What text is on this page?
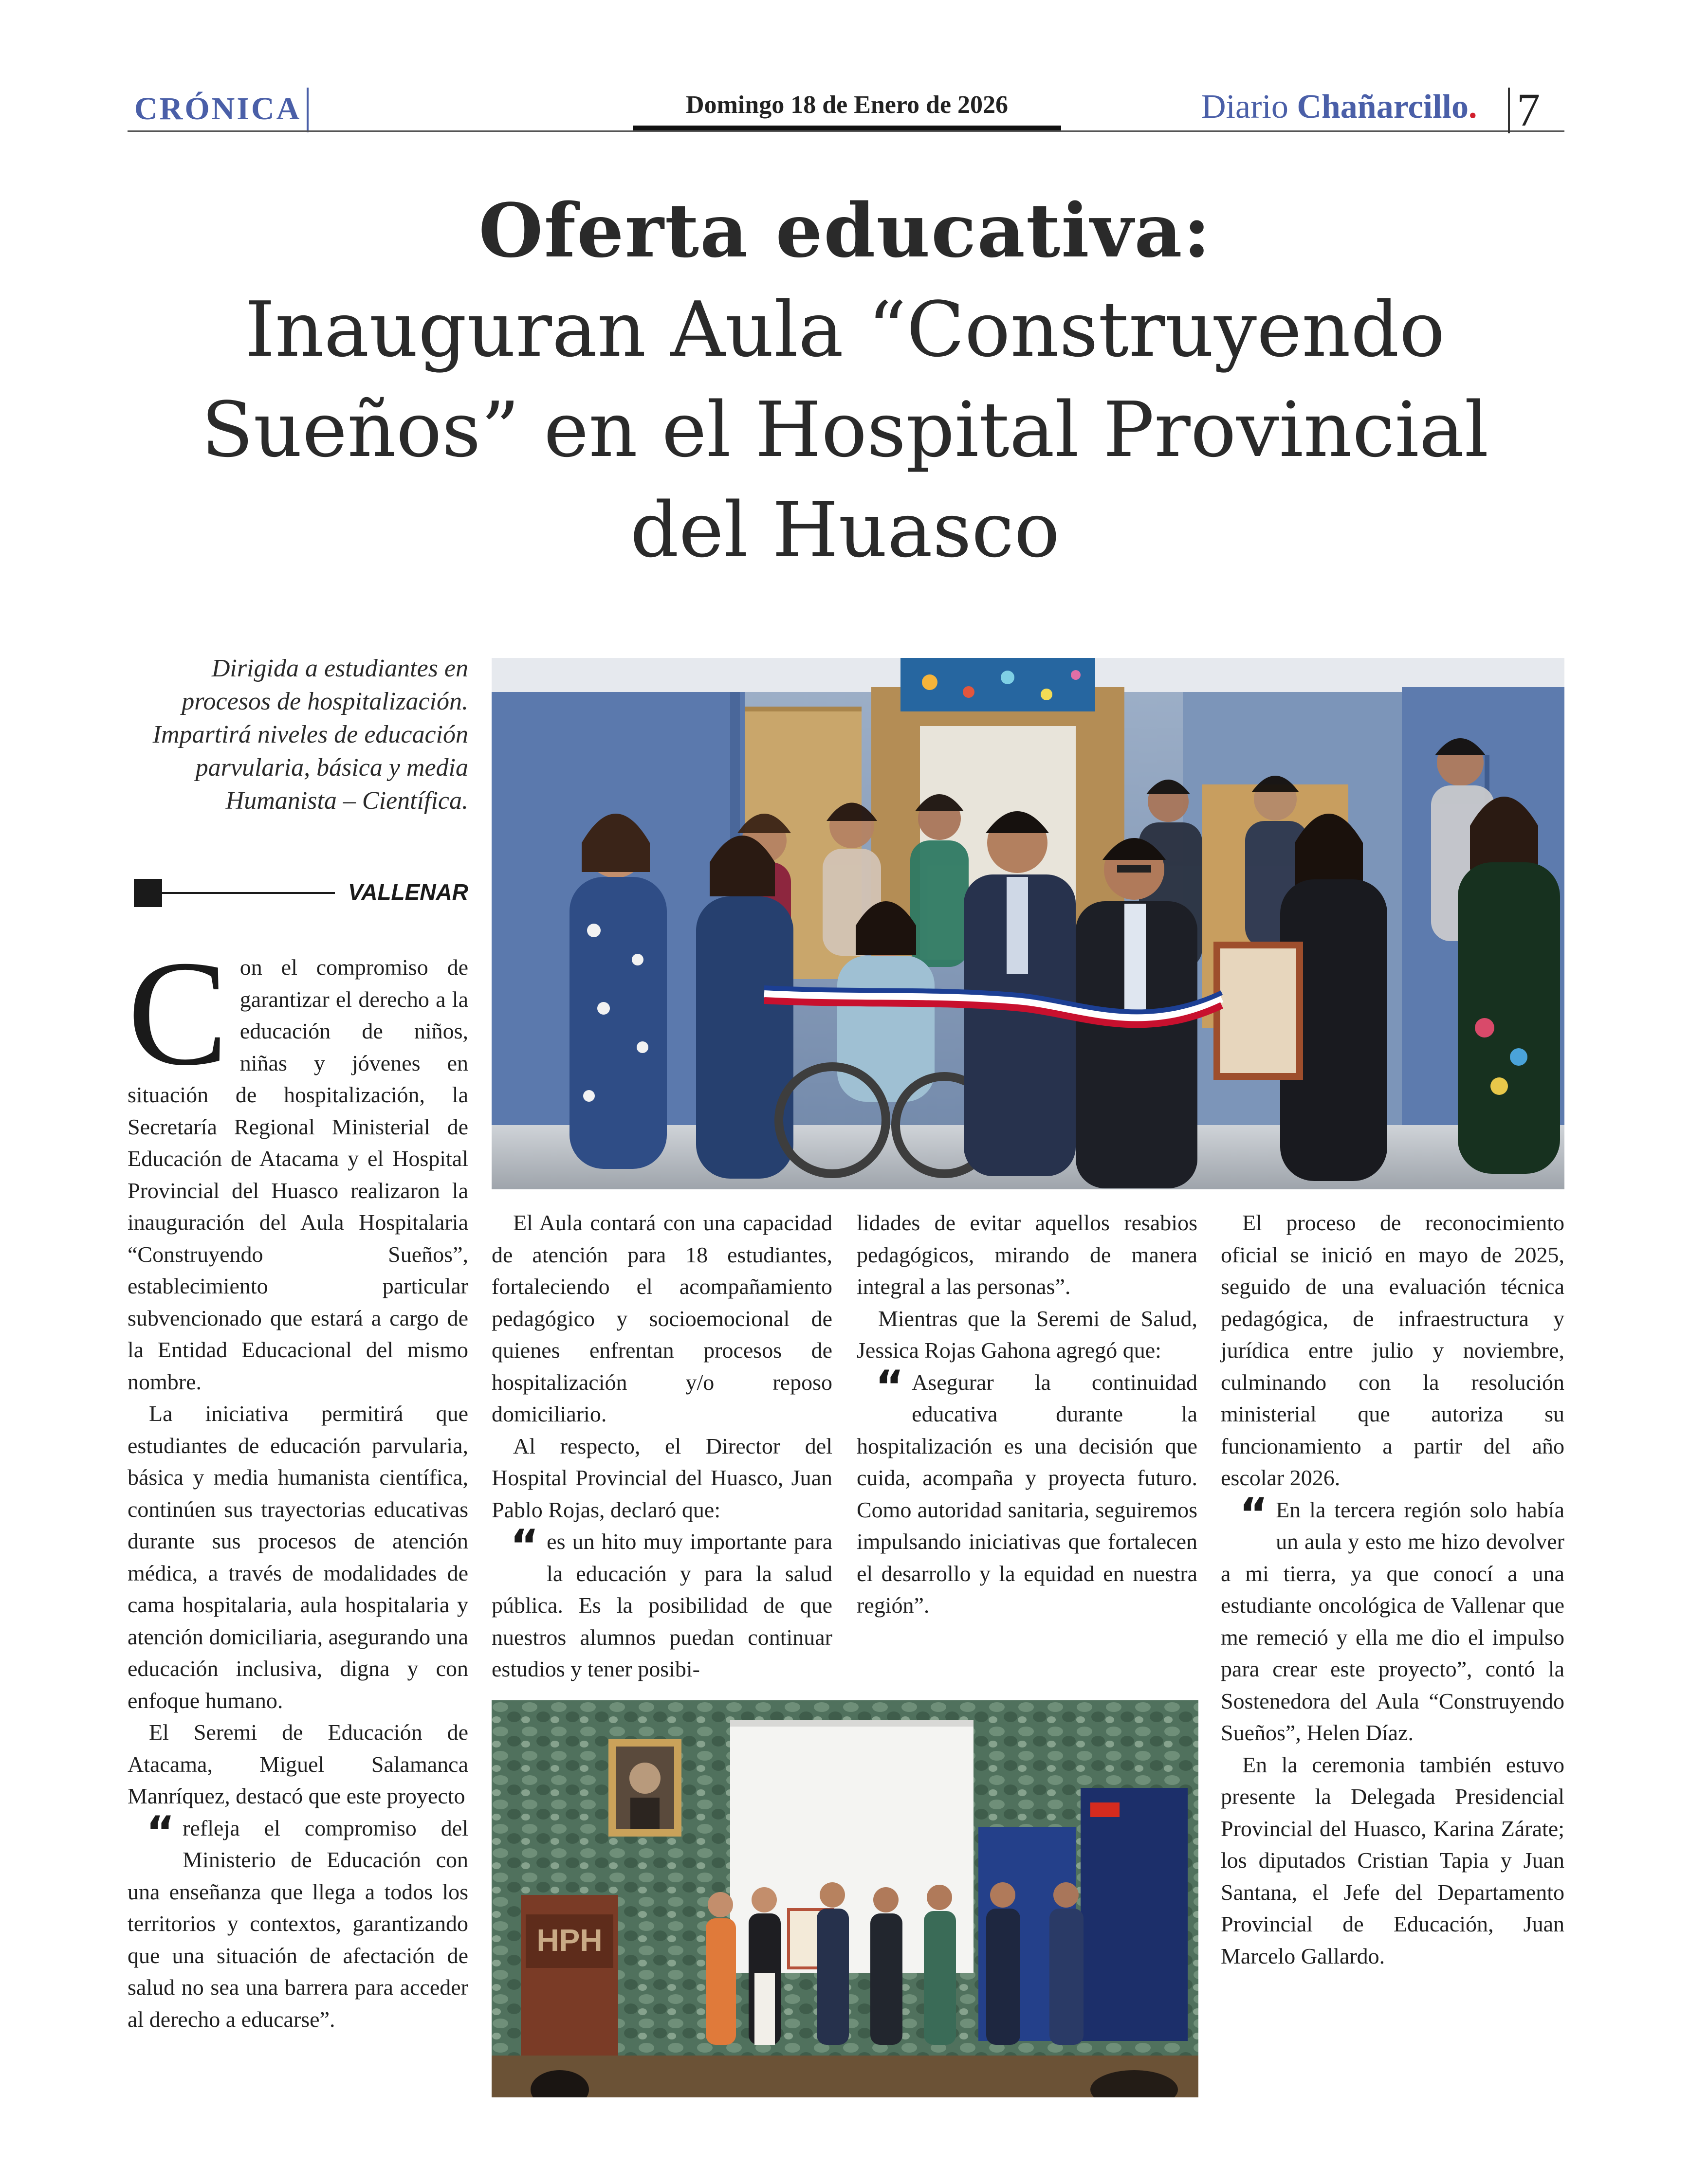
CRÓNICA	Domingo 18 de Enero de 2026	Diario Chañarcillo. 7
Oferta educativa:
Inauguran Aula “Construyendo Sueños” en el Hospital Provincial del Huasco
Dirigida a estudiantes en procesos de hospitalización. Impartirá niveles de educación parvularia, básica y media Humanista – Científica.
VALLENAR

Con el compromiso de garantizar el derecho a la educación de niños, niñas y jóvenes en situación de hospitalización, la Secretaría Regional Ministerial de Educación de Atacama y el Hospital Provincial del Huasco realizaron la inauguración del Aula Hospitalaria “Construyendo Sueños”, establecimiento particular subvencionado que estará a cargo de la Entidad Educacional del mismo nombre.

La iniciativa permitirá que estudiantes de educación parvularia, básica y media humanista científica, continúen sus trayectorias educativas durante sus procesos de atención médica, a través de modalidades de cama hospitalaria, aula hospitalaria y atención domiciliaria, asegurando una educación inclusiva, digna y con enfoque humano.

El Seremi de Educación de Atacama, Miguel Salamanca Manríquez, destacó que este proyecto

“ refleja el compromiso del Ministerio de Educación con una enseñanza que llega a todos los territorios y contextos, garantizando que una situación de afectación de salud no sea una barrera para acceder al derecho a educarse”.

El Aula contará con una capacidad de atención para 18 estudiantes, fortaleciendo el acompañamiento pedagógico y socioemocional de quienes enfrentan procesos de hospitalización y/o reposo domiciliario.

Al respecto, el Director del Hospital Provincial del Huasco, Juan Pablo Rojas, declaró que:

“ es un hito muy importante para la educación y para la salud pública. Es la posibilidad de que nuestros alumnos puedan continuar estudios y tener posibi-

lidades de evitar aquellos resabios pedagógicos, mirando de manera integral a las personas”.

Mientras que la Seremi de Salud, Jessica Rojas Gahona agregó que:

“ Asegurar la continuidad educativa durante la hospitalización es una decisión que cuida, acompaña y proyecta futuro. Como autoridad sanitaria, seguiremos impulsando iniciativas que fortalecen el desarrollo y la equidad en nuestra región”.

El proceso de reconocimiento oficial se inició en mayo de 2025, seguido de una evaluación técnica pedagógica, de infraestructura y jurídica entre julio y noviembre, culminando con la resolución ministerial que autoriza su funcionamiento a partir del año escolar 2026.

“ En la tercera región solo había un aula y esto me hizo devolver a mi tierra, ya que conocí a una estudiante oncológica de Vallenar que me remeció y ella me dio el impulso para crear este proyecto”, contó la Sostenedora del Aula “Construyendo Sueños”, Helen Díaz.

En la ceremonia también estuvo presente la Delegada Presidencial Provincial del Huasco, Karina Zárate; los diputados Cristian Tapia y Juan Santana, el Jefe del Departamento Provincial de Educación, Juan Marcelo Gallardo.

HPH
